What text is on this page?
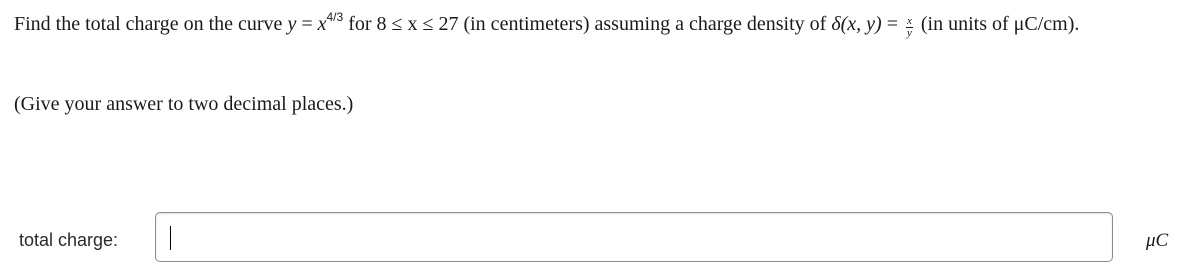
Find the total charge on the curve $y = x^{4/3}$ for 8 ≤ x ≤ 27 (in centimeters) assuming a charge density of δ(x, $y) = \frac{x}{y} (in$ units of μC/cm).

(Give your answer to two decimal places.)

total charge:	μC
